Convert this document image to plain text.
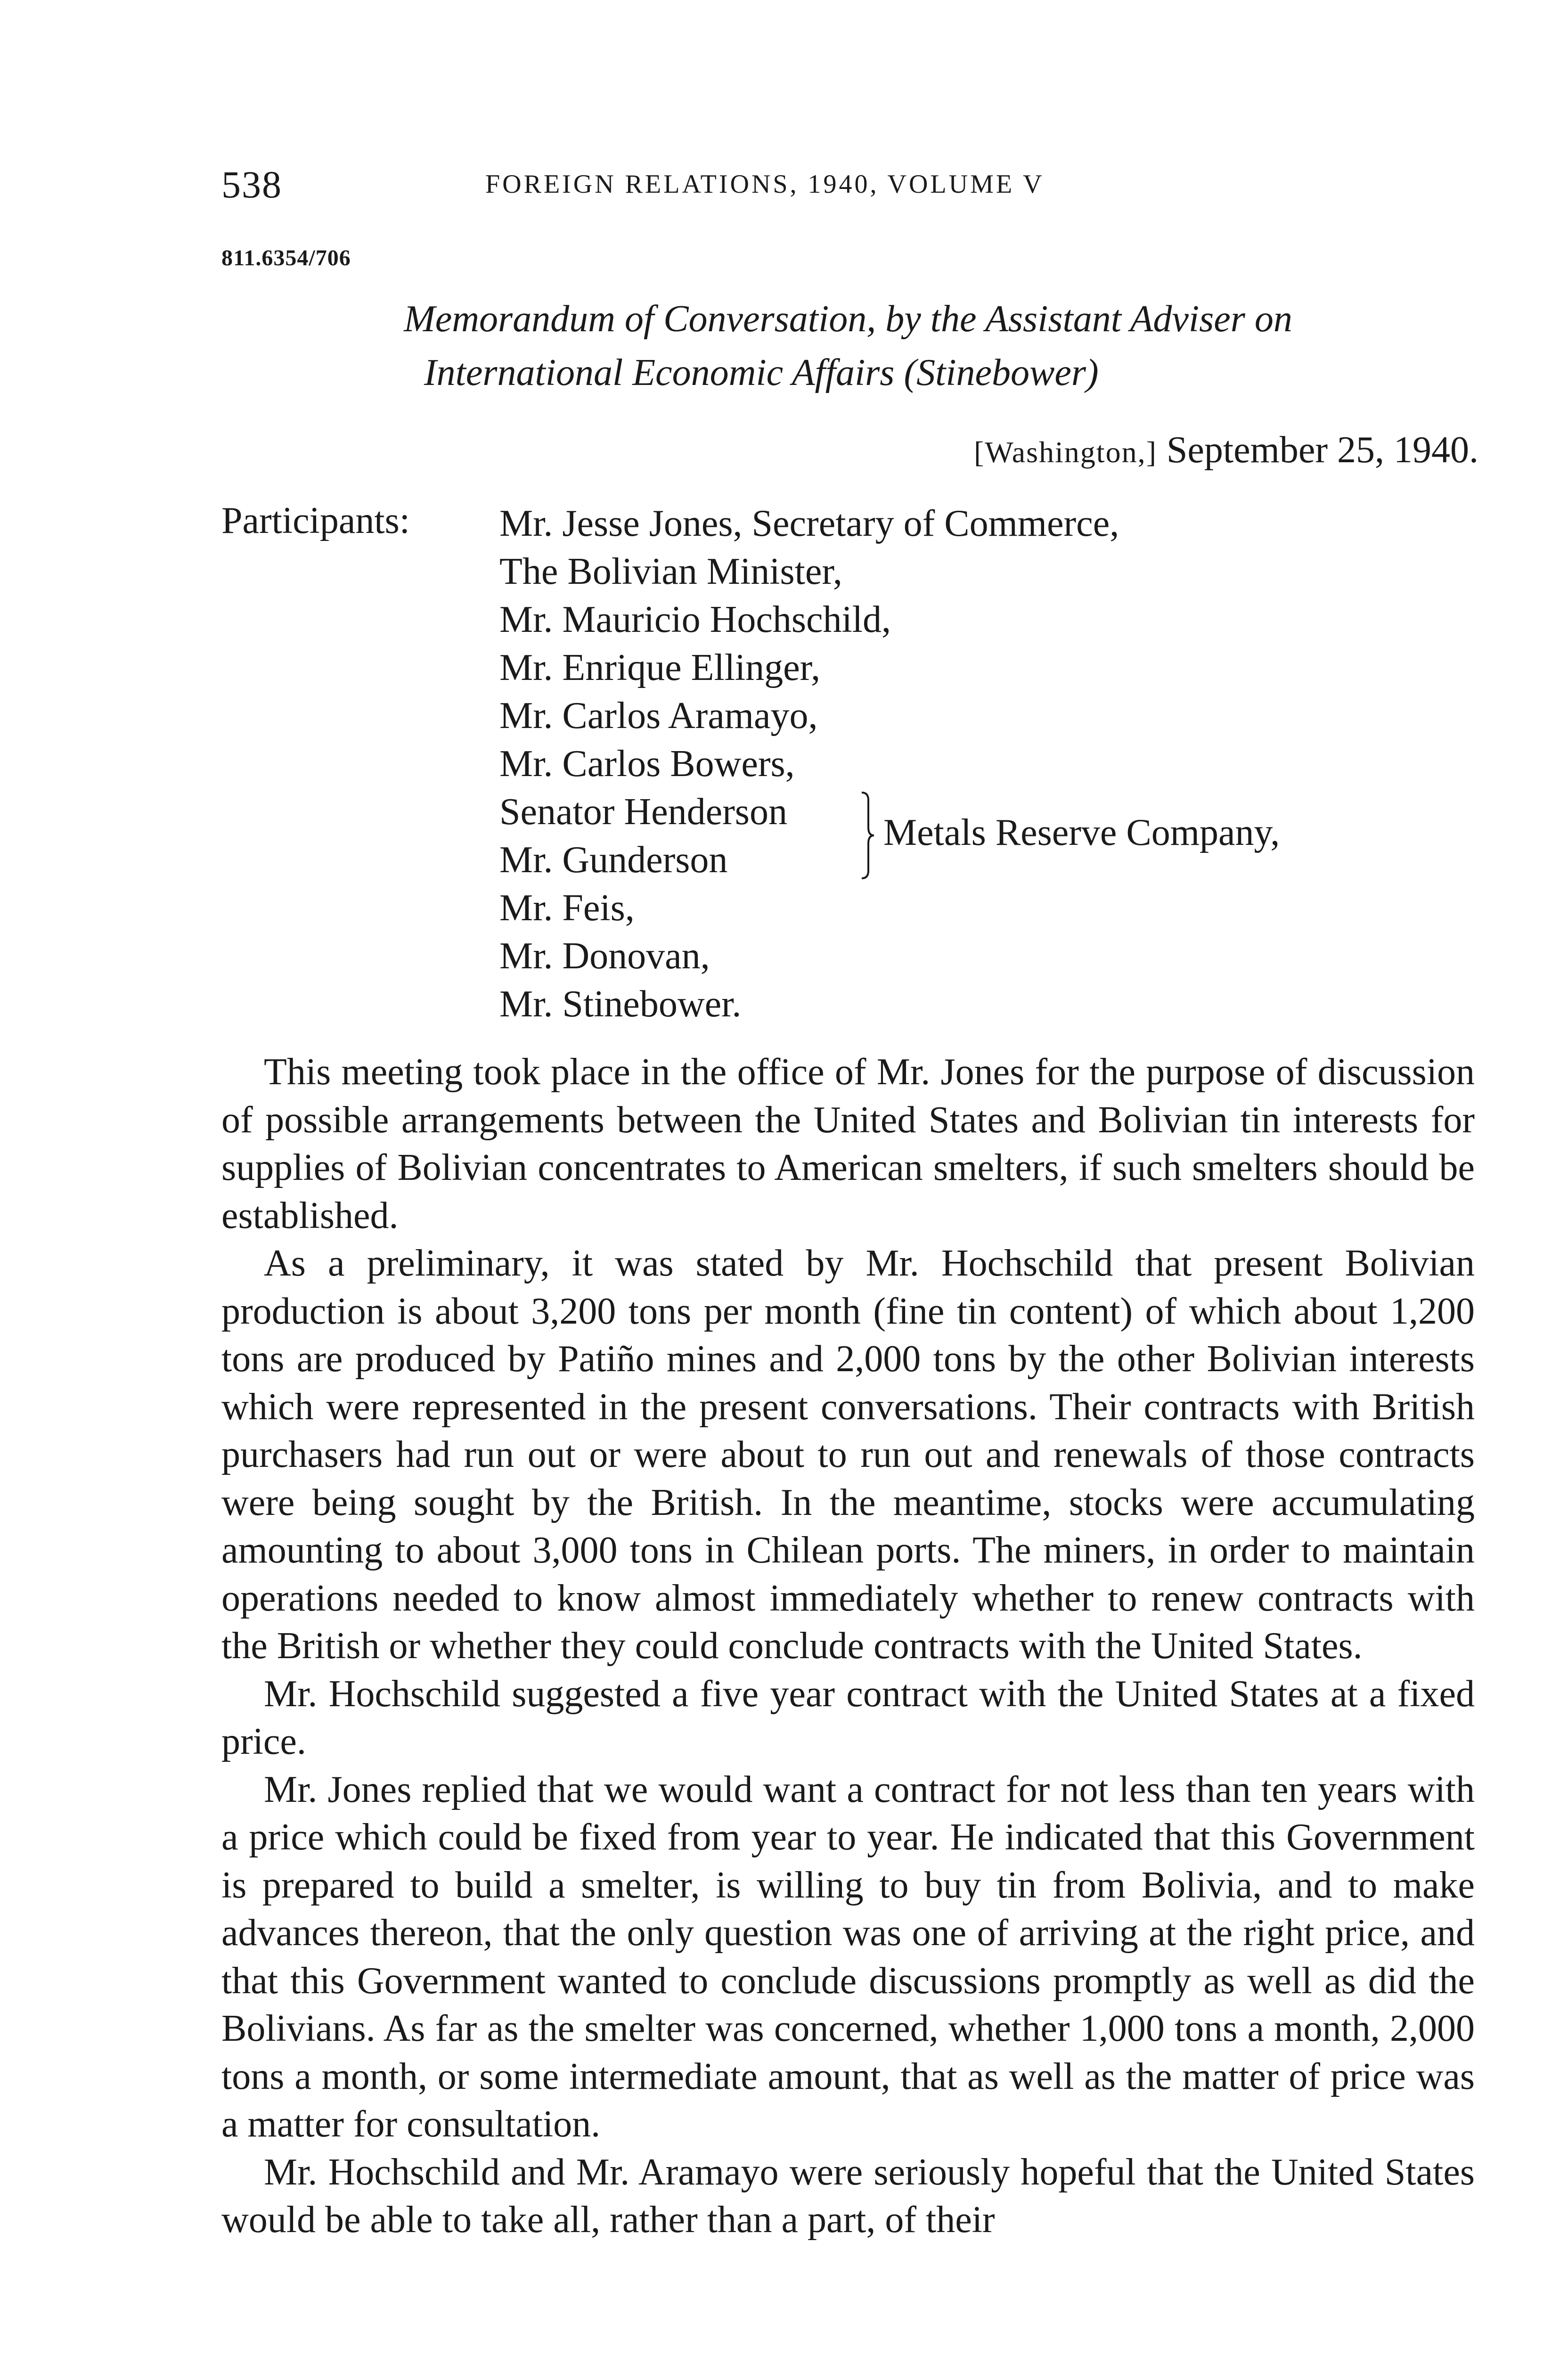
538	FOREIGN RELATIONS, 1940, VOLUME V
811.6354/706
Memorandum of Conversation, by the Assistant Adviser on
International Economic Affairs (Stinebower)
[Washington,] September 25, 1940.
Participants: Mr. Jesse Jones, Secretary of Commerce,
The Bolivian Minister,
Mr. Mauricio Hochschild,
Mr. Enrique Ellinger,
Mr. Carlos Aramayo,
Mr. Carlos Bowers,
Senator Henderson
Mr. Gunderson
Metals Reserve Company,
Mr. Feis,
Mr. Donovan,
Mr. Stinebower.

This meeting took place in the office of Mr. Jones for the purpose of discussion of possible arrangements between the United States and Bolivian tin interests for supplies of Bolivian concentrates to American smelters, if such smelters should be established.

As a preliminary, it was stated by Mr. Hochschild that present Bolivian production is about 3,200 tons per month (fine tin content) of which about 1,200 tons are produced by Patiño mines and 2,000 tons by the other Bolivian interests which were represented in the present conversations. Their contracts with British purchasers had run out or were about to run out and renewals of those contracts were being sought by the British. In the meantime, stocks were accumulating amounting to about 3,000 tons in Chilean ports. The miners, in order to maintain operations needed to know almost immediately whether to renew contracts with the British or whether they could conclude contracts with the United States.

Mr. Hochschild suggested a five year contract with the United States at a fixed price.

Mr. Jones replied that we would want a contract for not less than ten years with a price which could be fixed from year to year. He indicated that this Government is prepared to build a smelter, is willing to buy tin from Bolivia, and to make advances thereon, that the only question was one of arriving at the right price, and that this Government wanted to conclude discussions promptly as well as did the Bolivians. As far as the smelter was concerned, whether 1,000 tons a month, 2,000 tons a month, or some intermediate amount, that as well as the matter of price was a matter for consultation.

Mr. Hochschild and Mr. Aramayo were seriously hopeful that the United States would be able to take all, rather than a part, of their
